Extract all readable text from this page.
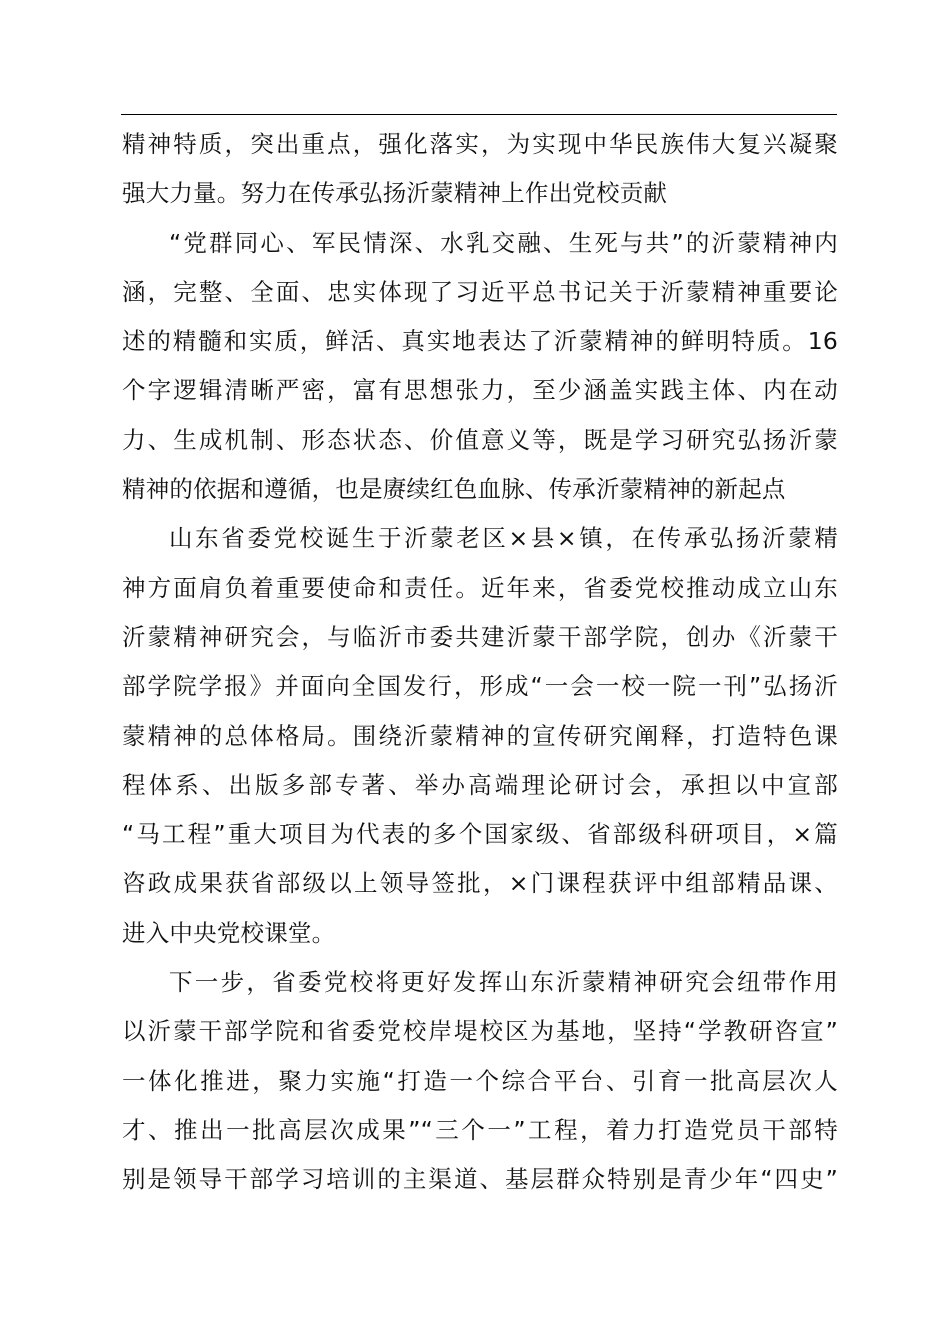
精神特质，突出重点，强化落实，为实现中华民族伟大复兴凝聚
强大力量。努力在传承弘扬沂蒙精神上作出党校贡献
“党群同心、军民情深、水乳交融、生死与共”的沂蒙精神内
涵，完整、全面、忠实体现了习近平总书记关于沂蒙精神重要论
述的精髓和实质，鲜活、真实地表达了沂蒙精神的鲜明特质。16
个字逻辑清晰严密，富有思想张力，至少涵盖实践主体、内在动
力、生成机制、形态状态、价值意义等，既是学习研究弘扬沂蒙
精神的依据和遵循，也是赓续红色血脉、传承沂蒙精神的新起点
山东省委党校诞生于沂蒙老区×县×镇，在传承弘扬沂蒙精
神方面肩负着重要使命和责任。近年来，省委党校推动成立山东
沂蒙精神研究会，与临沂市委共建沂蒙干部学院，创办《沂蒙干
部学院学报》并面向全国发行，形成“一会一校一院一刊”弘扬沂
蒙精神的总体格局。围绕沂蒙精神的宣传研究阐释，打造特色课
程体系、出版多部专著、举办高端理论研讨会，承担以中宣部
“马工程”重大项目为代表的多个国家级、省部级科研项目，×篇
咨政成果获省部级以上领导签批，×门课程获评中组部精品课、
进入中央党校课堂。
下一步，省委党校将更好发挥山东沂蒙精神研究会纽带作用
以沂蒙干部学院和省委党校岸堤校区为基地，坚持“学教研咨宣”
一体化推进，聚力实施“打造一个综合平台、引育一批高层次人
才、推出一批高层次成果”“三个一”工程，着力打造党员干部特
别是领导干部学习培训的主渠道、基层群众特别是青少年“四史”
